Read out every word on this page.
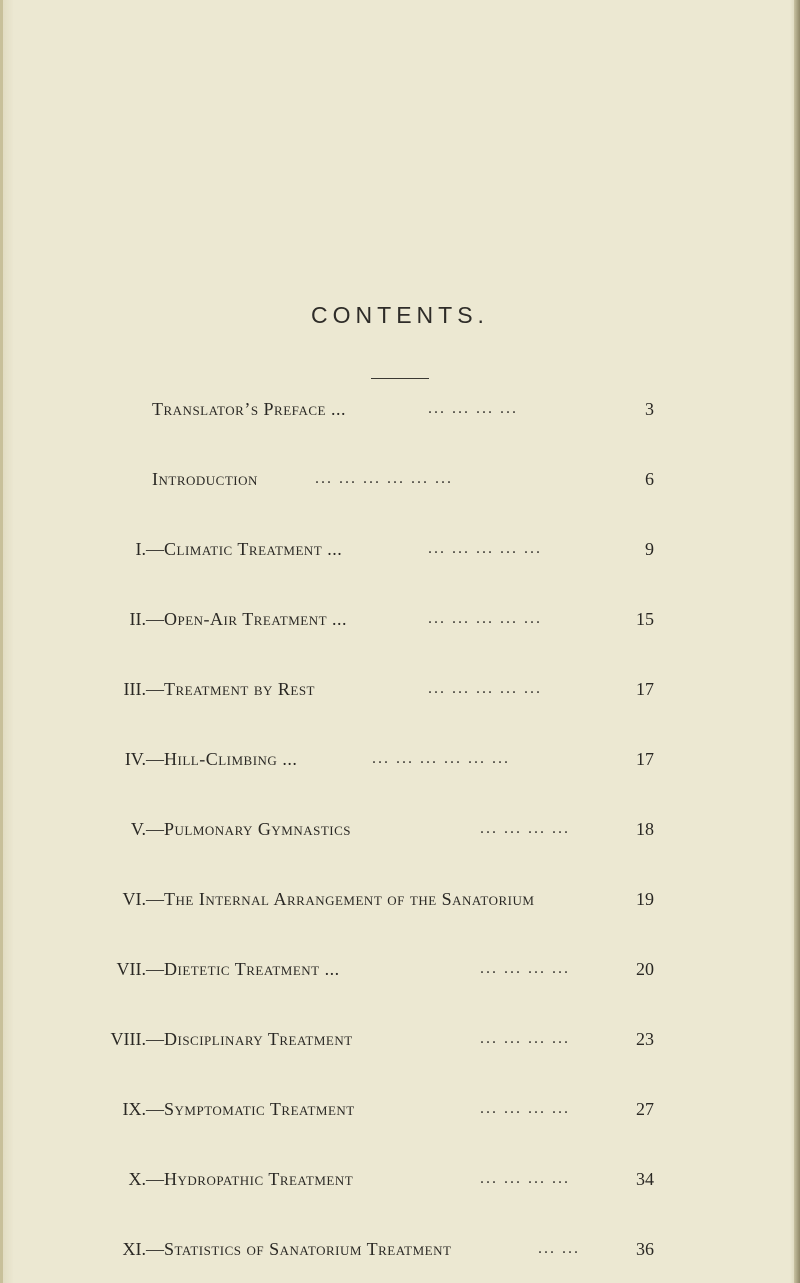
CONTENTS.
Translator’s Preface ...	... ... ... ...	3
Introduction	... ... ... ... ... ...	6
I.— Climatic Treatment ...	... ... ... ... ...	9
II.— Open-Air Treatment ...	... ... ... ... ...	15
III.— Treatment by Rest	... ... ... ... ...	17
IV.— Hill-Climbing ...	... ... ... ... ... ...	17
V.— Pulmonary Gymnastics	... ... ... ...	18
VI.— The Internal Arrangement of the Sanatorium	19
VII.— Dietetic Treatment ...	... ... ... ...	20
VIII.— Disciplinary Treatment	... ... ... ...	23
IX.— Symptomatic Treatment	... ... ... ...	27
X.— Hydropathic Treatment	... ... ... ...	34
XI.— Statistics of Sanatorium Treatment	... ...	36
